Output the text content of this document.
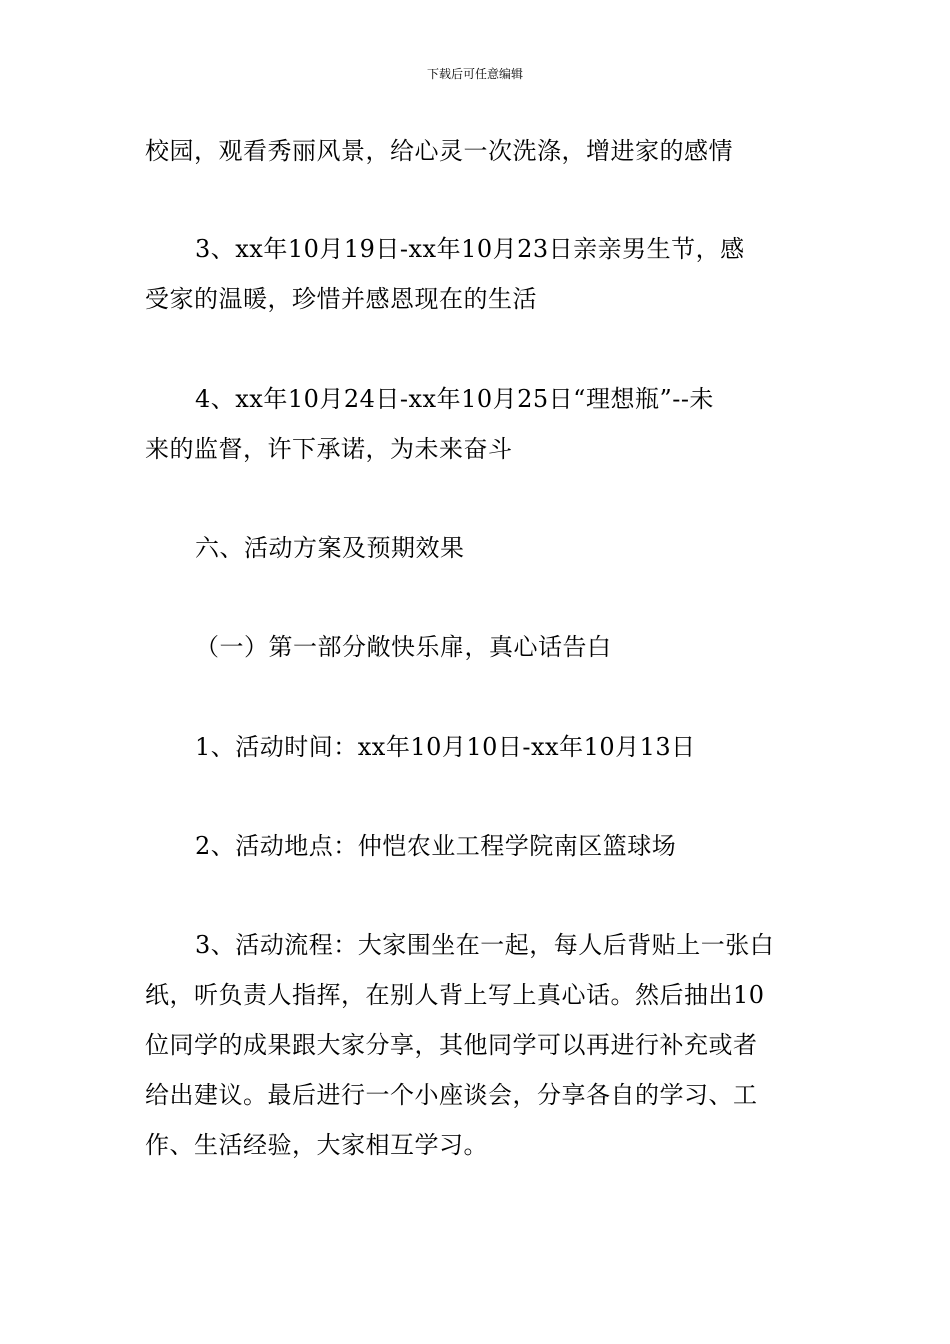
下载后可任意编辑
校园，观看秀丽风景，给心灵一次洗涤，增进家的感情
3、xx年10月19日-xx年10月23日亲亲男生节，感
受家的温暖，珍惜并感恩现在的生活
4、xx年10月24日-xx年10月25日“理想瓶”--未
来的监督，许下承诺，为未来奋斗
六、活动方案及预期效果
（一）第一部分敞快乐扉，真心话告白
1、活动时间：xx年10月10日-xx年10月13日
2、活动地点：仲恺农业工程学院南区篮球场
3、活动流程：大家围坐在一起，每人后背贴上一张白
纸，听负责人指挥，在别人背上写上真心话。然后抽出10
位同学的成果跟大家分享，其他同学可以再进行补充或者
给出建议。最后进行一个小座谈会，分享各自的学习、工
作、生活经验，大家相互学习。
